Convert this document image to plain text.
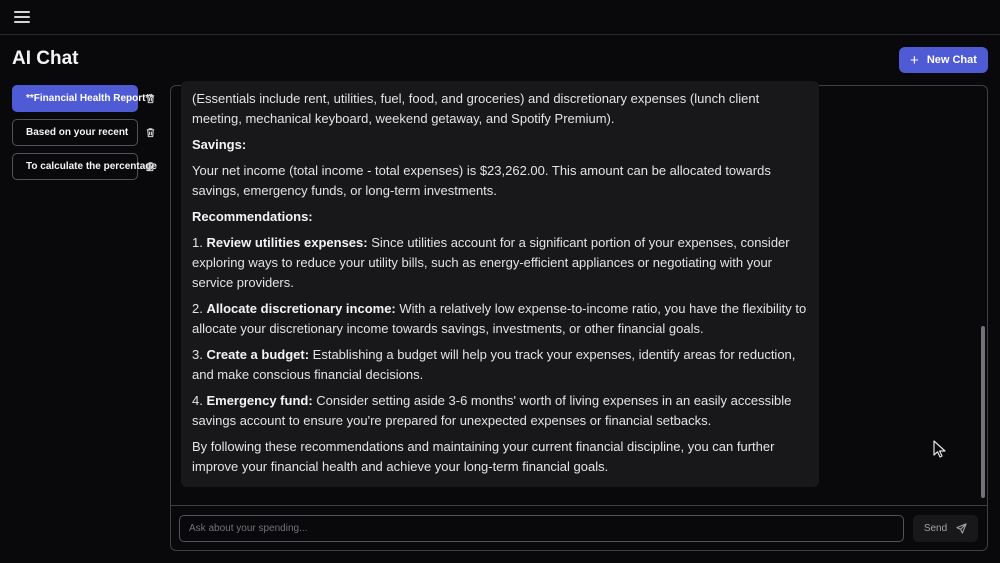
AI Chat	+ New Chat
**Financial Health Report**
Based on your recent
To calculate the percentage

(Essentials include rent, utilities, fuel, food, and groceries) and discretionary expenses (lunch client meeting, mechanical keyboard, weekend getaway, and Spotify Premium).

Savings:

Your net income (total income - total expenses) is $23,262.00. This amount can be allocated towards savings, emergency funds, or long-term investments.

Recommendations:

1. Review utilities expenses: Since utilities account for a significant portion of your expenses, consider exploring ways to reduce your utility bills, such as energy-efficient appliances or negotiating with your service providers.

2. Allocate discretionary income: With a relatively low expense-to-income ratio, you have the flexibility to allocate your discretionary income towards savings, investments, or other financial goals.

3. Create a budget: Establishing a budget will help you track your expenses, identify areas for reduction, and make conscious financial decisions.

4. Emergency fund: Consider setting aside 3-6 months' worth of living expenses in an easily accessible savings account to ensure you're prepared for unexpected expenses or financial setbacks.

By following these recommendations and maintaining your current financial discipline, you can further improve your financial health and achieve your long-term financial goals.

Ask about your spending...
Send
